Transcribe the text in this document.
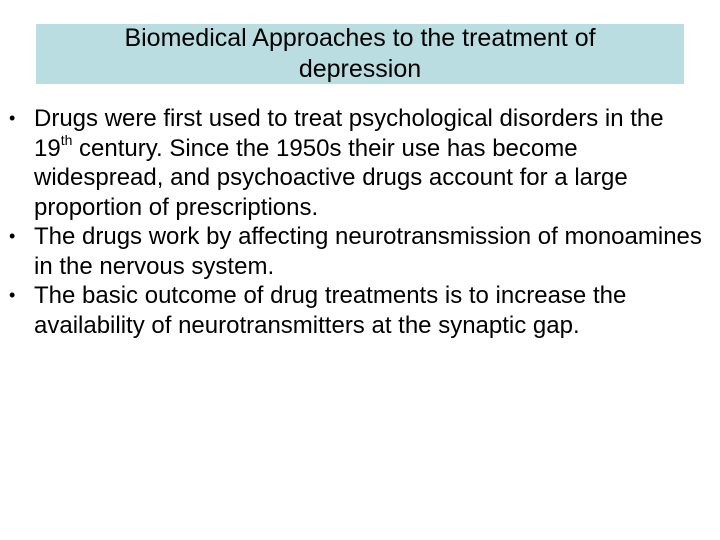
Biomedical Approaches to the treatment of depression
• Drugs were first used to treat psychological disorders in the 19th century. Since the 1950s their use has become widespread, and psychoactive drugs account for a large proportion of prescriptions.
• The drugs work by affecting neurotransmission of monoamines in the nervous system.
• The basic outcome of drug treatments is to increase the availability of neurotransmitters at the synaptic gap.
